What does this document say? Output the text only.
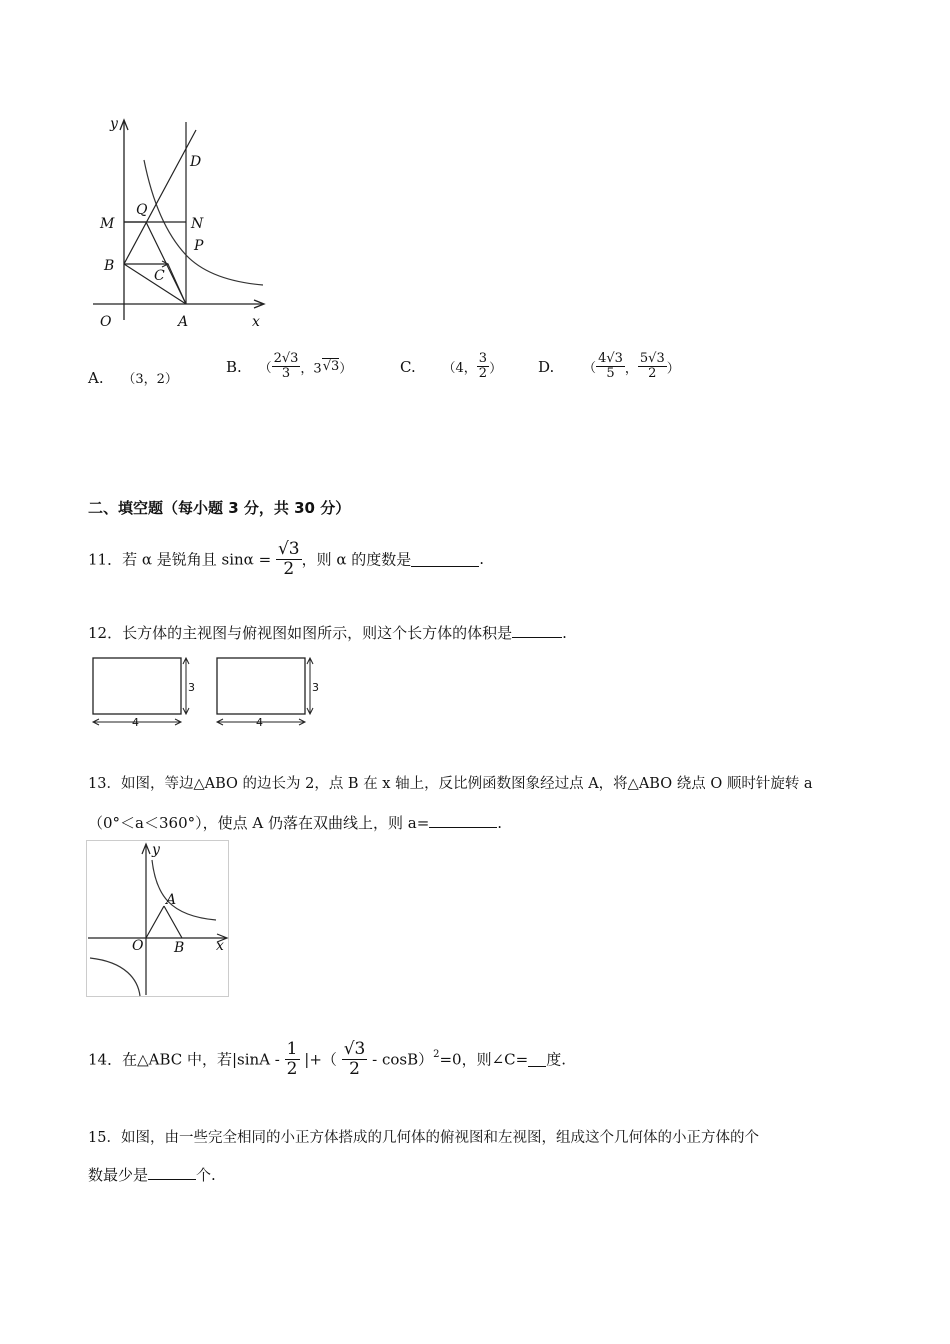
y
x
O	A
B
C
D
M	N
P
Q
A. （3，2）
B. （ $\frac{2√3}{3}$ ，3√3）	C. （4， $\frac{3}{2}$ ） D. （ $\frac{4√3}{5}$ ， $\frac{5√3}{2}$ ）
二、填空题（每小题 3 分，共 30 分）
11．若 α 是锐角且 $\sin\alpha = \frac{√3}{2}$ ，则 α 的度数是	.
12．长方体的主视图与俯视图如图所示，则这个长方体的体积是	.
3
4
3
4
13．如图，等边△ABO 的边长为 2，点 B 在 x 轴上，反比例函数图象经过点 A，将△ABO 绕点 O 顺时针旋转 a
（0°＜a＜360°），使点 A 仍落在双曲线上，则 a=	.
y
x
O
A
B
14．在△ABC 中，若$|\sin A - \frac{1}{2}$ |+（ $\frac{√3}{2} - \cos B)^2=0$，则∠C= 度.
15．如图，由一些完全相同的小正方体搭成的几何体的俯视图和左视图，组成这个几何体的小正方体的个
数最少是	个.
